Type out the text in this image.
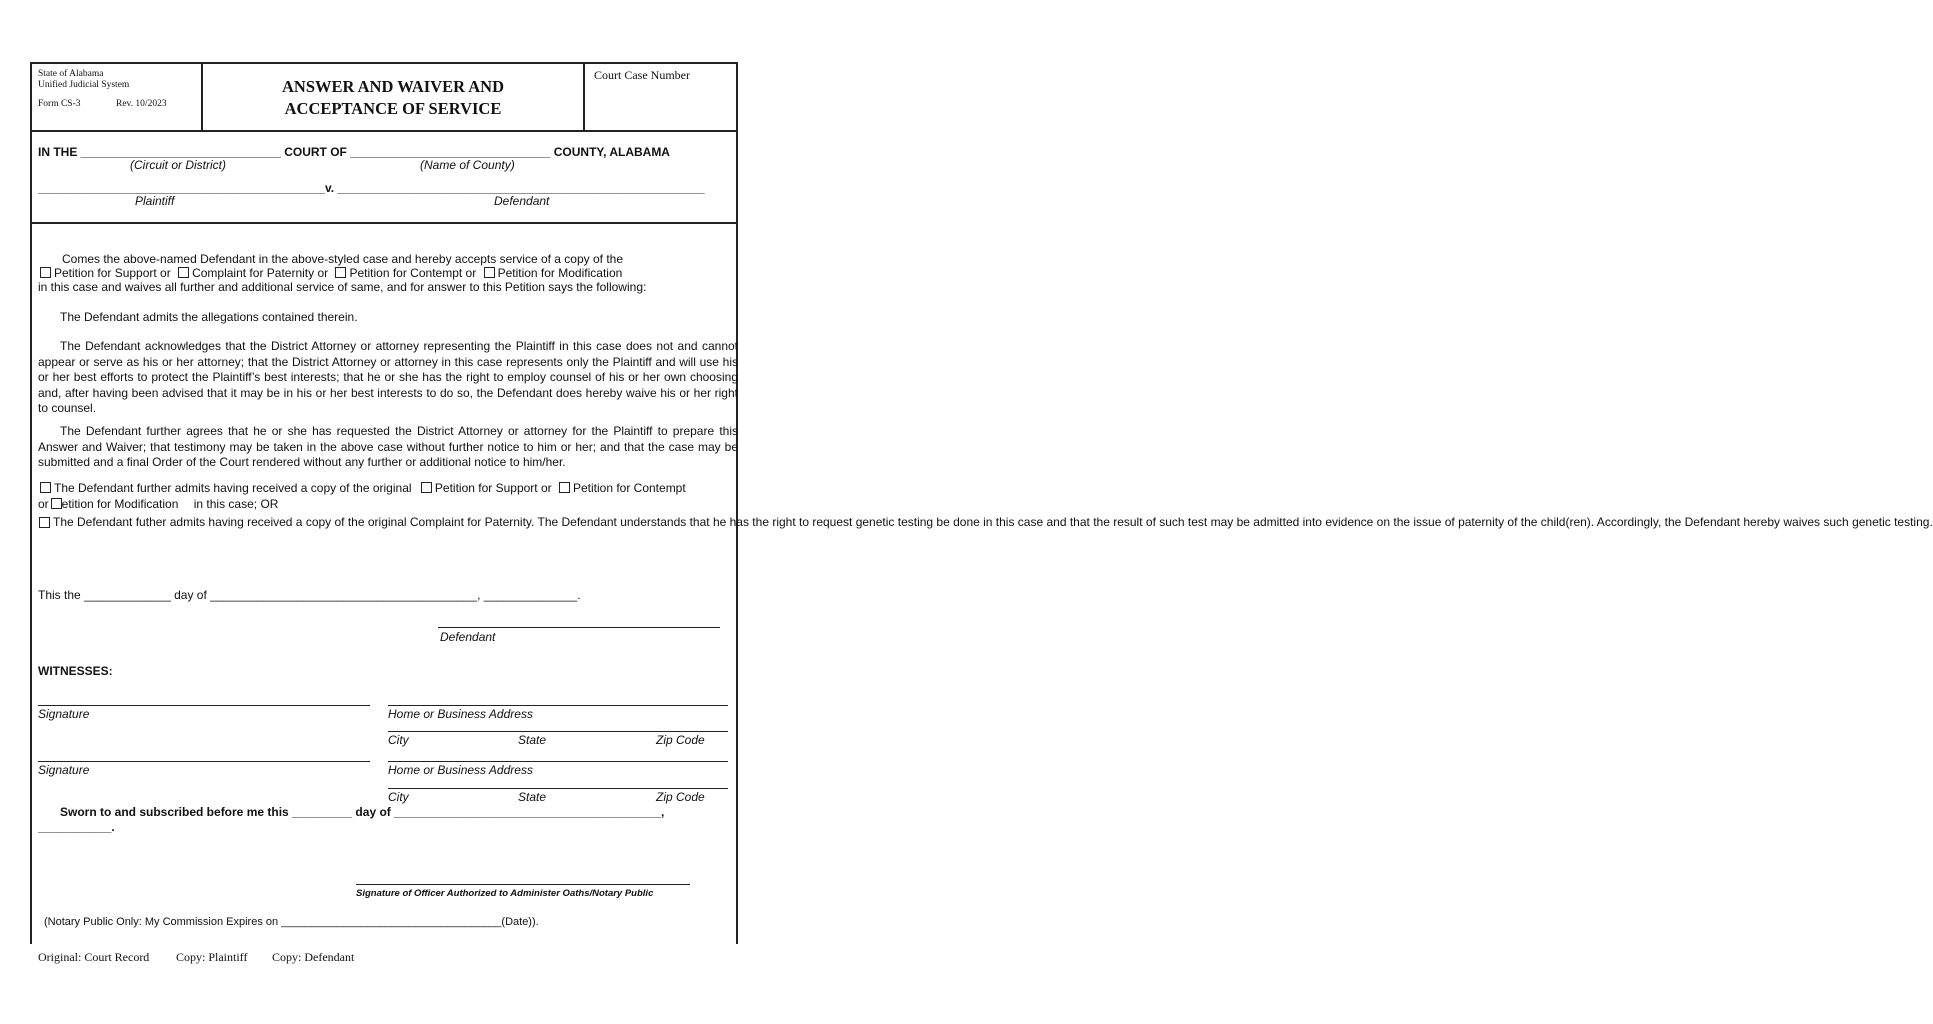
State of Alabama
Unified Judicial System
Form CS-3	Rev. 10/2023
ANSWER AND WAIVER AND
ACCEPTANCE OF SERVICE
Court Case Number
IN THE ______________________________ COURT OF ______________________________ COUNTY, ALABAMA
(Circuit or District)	(Name of County)
___________________________________________v. _______________________________________________________
Plaintiff	Defendant
Comes the above-named Defendant in the above-styled case and hereby accepts service of a copy of the
Petition for Support or Complaint for Paternity or Petition for Contempt or Petition for Modification
in this case and waives all further and additional service of same, and for answer to this Petition says the following:
The Defendant admits the allegations contained therein.
The Defendant acknowledges that the District Attorney or attorney representing the Plaintiff in this case does not and cannot appear or serve as his or her attorney; that the District Attorney or attorney in this case represents only the Plaintiff and will use his or her best efforts to protect the Plaintiff’s best interests; that he or she has the right to employ counsel of his or her own choosing and, after having been advised that it may be in his or her best interests to do so, the Defendant does hereby waive his or her right to counsel.
The Defendant further agrees that he or she has requested the District Attorney or attorney for the Plaintiff to prepare this Answer and Waiver; that testimony may be taken in the above case without further notice to him or her; and that the case may be submitted and a final Order of the Court rendered without any further or additional notice to him/her.
The Defendant further admits having received a copy of the original Petition for Support or Petition for Contempt
or etition for Modification in this case; OR
The Defendant futher admits having received a copy of the original Complaint for Paternity. The Defendant understands that he has the right to request genetic testing be done in this case and that the result of such test may be admitted into evidence on the issue of paternity of the child(ren). Accordingly, the Defendant hereby waives such genetic testing.
This the _____________ day of ________________________________________, ______________.
Defendant
WITNESSES:
Signature	Home or Business Address
City	State	Zip Code
Signature	Home or Business Address
City	State	Zip Code
Sworn to and subscribed before me this _________ day of ________________________________________,
___________.
Signature of Officer Authorized to Administer Oaths/Notary Public
(Notary Public Only: My Commission Expires on ____________________________________(Date)).
Original: Court Record Copy: Plaintiff Copy: Defendant
